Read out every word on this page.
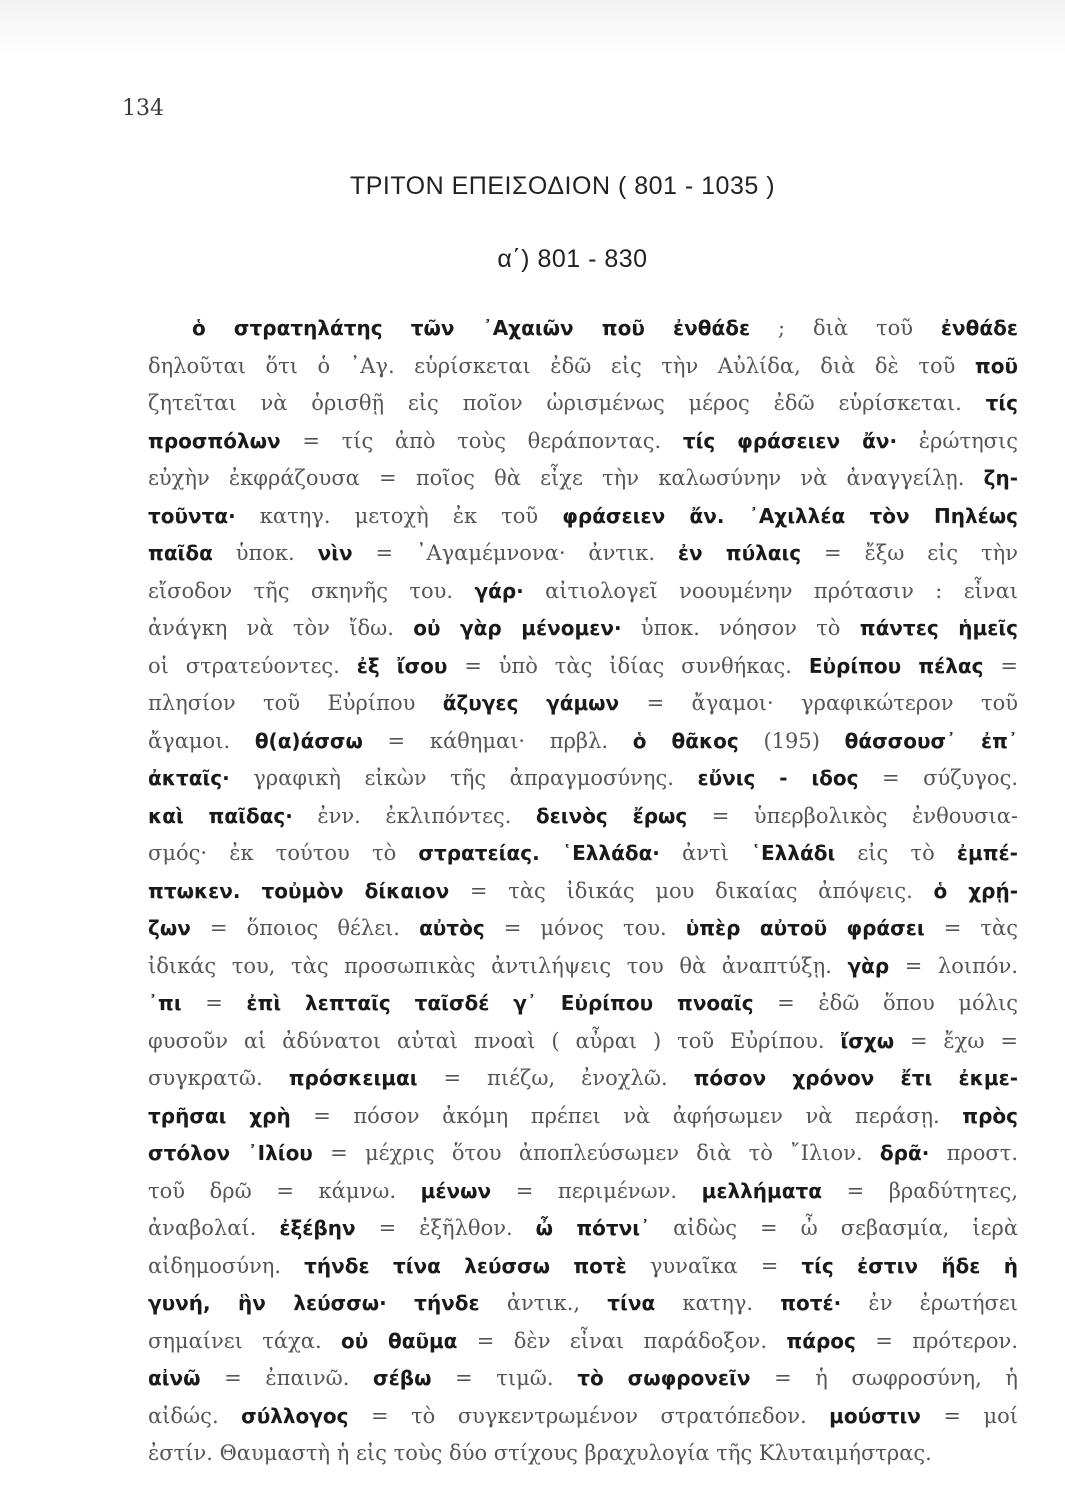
134
ΤΡΙΤΟΝ ΕΠΕΙΣΟΔΙΟΝ ( 801 - 1035 )
α΄) 801 - 830
ὁ στρατηλάτης τῶν ᾿Αχαιῶν ποῦ ἐνθάδε ; διὰ τοῦ ἐνθάδε
δηλοῦται ὅτι ὁ ᾿Αγ. εὑρίσκεται ἐδῶ εἰς τὴν Αὐλίδα, διὰ δὲ τοῦ ποῦ
ζητεῖται νὰ ὁρισθῇ εἰς ποῖον ὡρισμένως μέρος ἐδῶ εὑρίσκεται. τίς
προσπόλων = τίς ἀπὸ τοὺς θεράποντας. τίς φράσειεν ἄν· ἐρώτησις
εὐχὴν ἐκφράζουσα = ποῖος θὰ εἶχε τὴν καλωσύνην νὰ ἀναγγείλῃ. ζη-
τοῦντα· κατηγ. μετοχὴ ἐκ τοῦ φράσειεν ἄν. ᾿Αχιλλέα τὸν Πηλέως
παῖδα ὑποκ. νὶν = ᾿Αγαμέμνονα· ἀντικ. ἐν πύλαις = ἔξω εἰς τὴν
εἴσοδον τῆς σκηνῆς του. γάρ· αἰτιολογεῖ νοουμένην πρότασιν : εἶναι
ἀνάγκη νὰ τὸν ἴδω. οὐ γὰρ μένομεν· ὑποκ. νόησον τὸ πάντες ἡμεῖς
οἱ στρατεύοντες. ἐξ ἴσου = ὑπὸ τὰς ἰδίας συνθήκας. Εὐρίπου πέλας =
πλησίον τοῦ Εὐρίπου ἄζυγες γάμων = ἄγαμοι· γραφικώτερον τοῦ
ἄγαμοι. θ(α)άσσω = κάθημαι· πρβλ. ὁ θᾶκος (195) θάσσουσ᾿ ἐπ᾿
ἀκταῖς· γραφικὴ εἰκὼν τῆς ἀπραγμοσύνης. εὔνις - ιδος = σύζυγος.
καὶ παῖδας· ἐνν. ἐκλιπόντες. δεινὸς ἔρως = ὑπερβολικὸς ἐνθουσια-
σμός· ἐκ τούτου τὸ στρατείας. ῾Ελλάδα· ἀντὶ ῾Ελλάδι εἰς τὸ ἐμπέ-
πτωκεν. τοὐμὸν δίκαιον = τὰς ἰδικάς μου δικαίας ἀπόψεις. ὁ χρῄ-
ζων = ὅποιος θέλει. αὐτὸς = μόνος του. ὑπὲρ αὐτοῦ φράσει = τὰς
ἰδικάς του, τὰς προσωπικὰς ἀντιλήψεις του θὰ ἀναπτύξῃ. γὰρ = λοιπόν.
᾿πι = ἐπὶ λεπταῖς ταῖσδέ γ᾿ Εὐρίπου πνοαῖς = ἐδῶ ὅπου μόλις
φυσοῦν αἱ ἀδύνατοι αὐταὶ πνοαὶ ( αὖραι ) τοῦ Εὐρίπου. ἴσχω = ἔχω =
συγκρατῶ. πρόσκειμαι = πιέζω, ἐνοχλῶ. πόσον χρόνον ἔτι ἐκμε-
τρῆσαι χρὴ = πόσον ἀκόμη πρέπει νὰ ἀφήσωμεν νὰ περάσῃ. πρὸς
στόλον ᾿Ιλίου = μέχρις ὅτου ἀποπλεύσωμεν διὰ τὸ ῎Ιλιον. δρᾶ· προστ.
τοῦ δρῶ = κάμνω. μένων = περιμένων. μελλήματα = βραδύτητες,
ἀναβολαί. ἐξέβην = ἐξῆλθον. ὦ πότνι᾿ αἰδὼς = ὦ σεβασμία, ἱερὰ
αἰδημοσύνη. τήνδε τίνα λεύσσω ποτὲ γυναῖκα = τίς ἐστιν ἥδε ἡ
γυνή, ἣν λεύσσω· τήνδε ἀντικ., τίνα κατηγ. ποτέ· ἐν ἐρωτήσει
σημαίνει τάχα. οὐ θαῦμα = δὲν εἶναι παράδοξον. πάρος = πρότερον.
αἰνῶ = ἐπαινῶ. σέβω = τιμῶ. τὸ σωφρονεῖν = ἡ σωφροσύνη, ἡ
αἰδώς. σύλλογος = τὸ συγκεντρωμένον στρατόπεδον. μούστιν = μοί
ἐστίν. Θαυμαστὴ ἡ εἰς τοὺς δύο στίχους βραχυλογία τῆς Κλυταιμήστρας.
